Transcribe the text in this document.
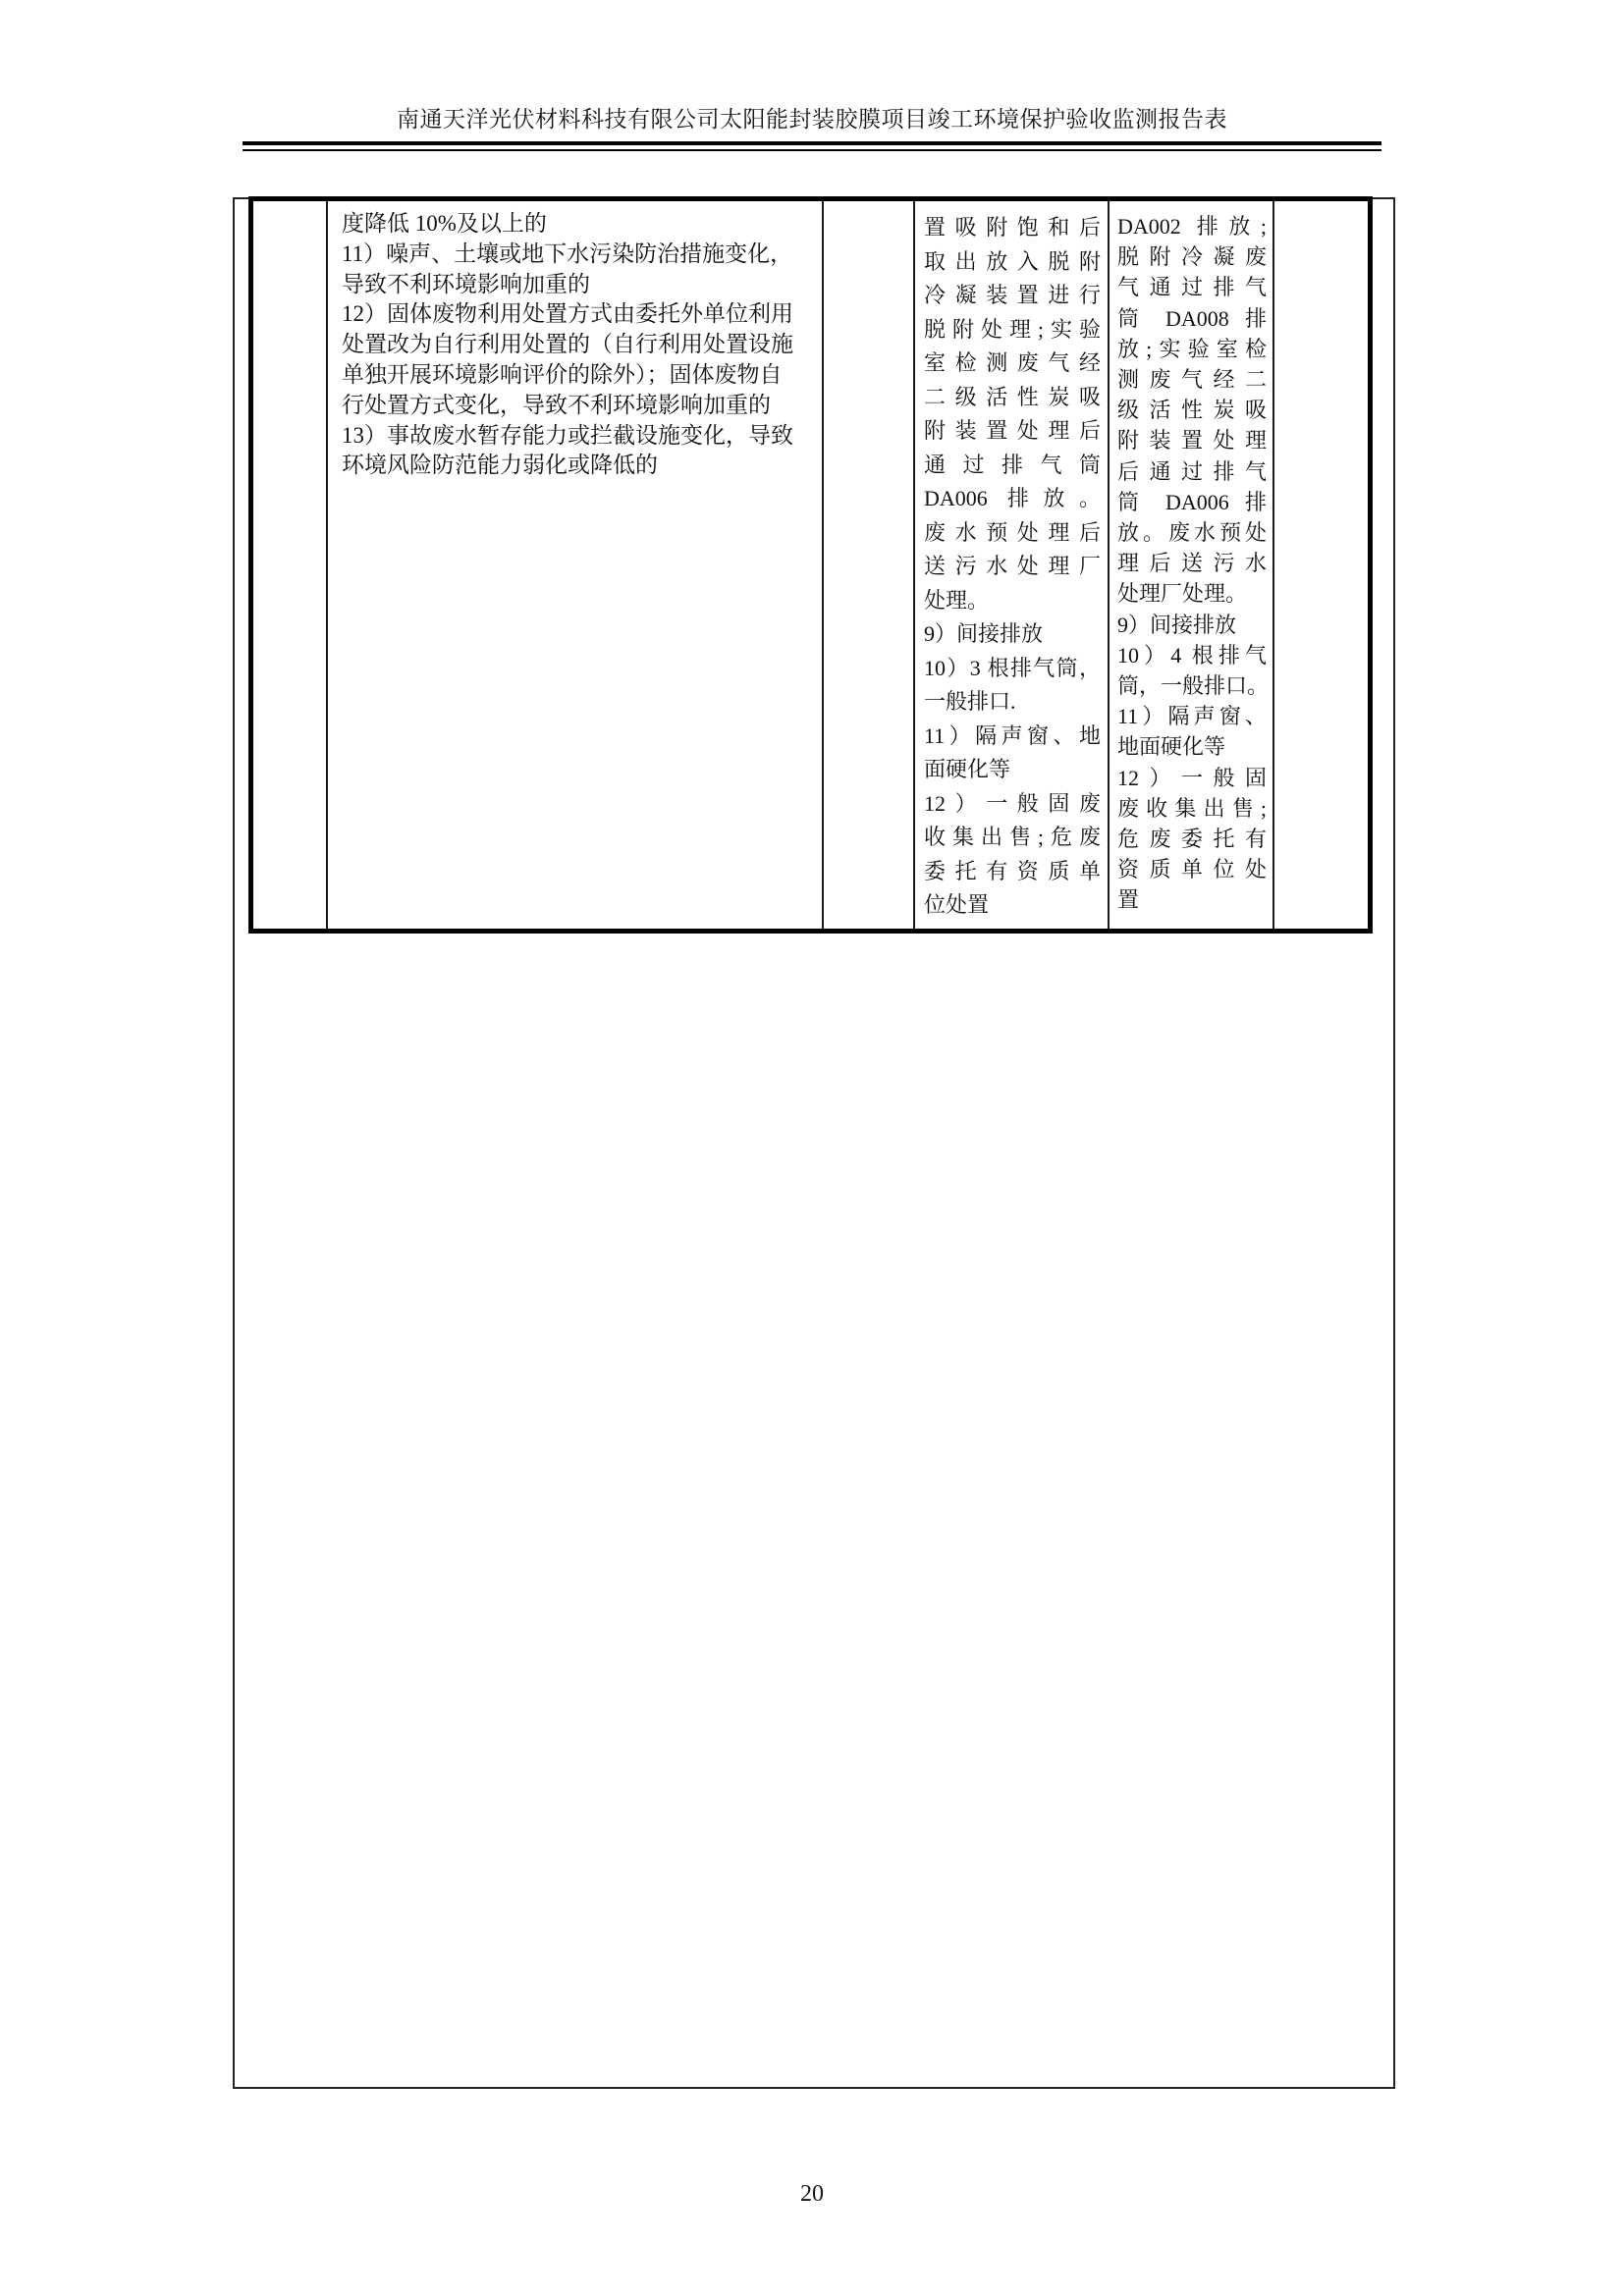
南通天洋光伏材料科技有限公司太阳能封装胶膜项目竣工环境保护验收监测报告表
度降低 10%及以上的
11）噪声、土壤或地下水污染防治措施变化，
导致不利环境影响加重的
12）固体废物利用处置方式由委托外单位利用
处置改为自行利用处置的（自行利用处置设施
单独开展环境影响评价的除外）；固体废物自
行处置方式变化，导致不利环境影响加重的
13）事故废水暂存能力或拦截设施变化，导致
环境风险防范能力弱化或降低的
置吸附饱和后
取出放入脱附
冷凝装置进行
脱附处理;实验
室检测废气经
二级活性炭吸
附装置处理后
通过排气筒
DA006 排放。
废水预处理后
送污水处理厂
处理。
9）间接排放
10）3 根排气筒，
一般排口.
11）隔声窗、地
面硬化等
12）一般固废
收集出售;危废
委托有资质单
位处置
DA002 排放;
脱附冷凝废
气通过排气
筒 DA008 排
放;实验室检
测废气经二
级活性炭吸
附装置处理
后通过排气
筒 DA006 排
放。废水预处
理后送污水
处理厂处理。
9）间接排放
10）4 根排气
筒，一般排口。
11）隔声窗、
地面硬化等
12）一般固
废收集出售;
危废委托有
资质单位处
置
20
